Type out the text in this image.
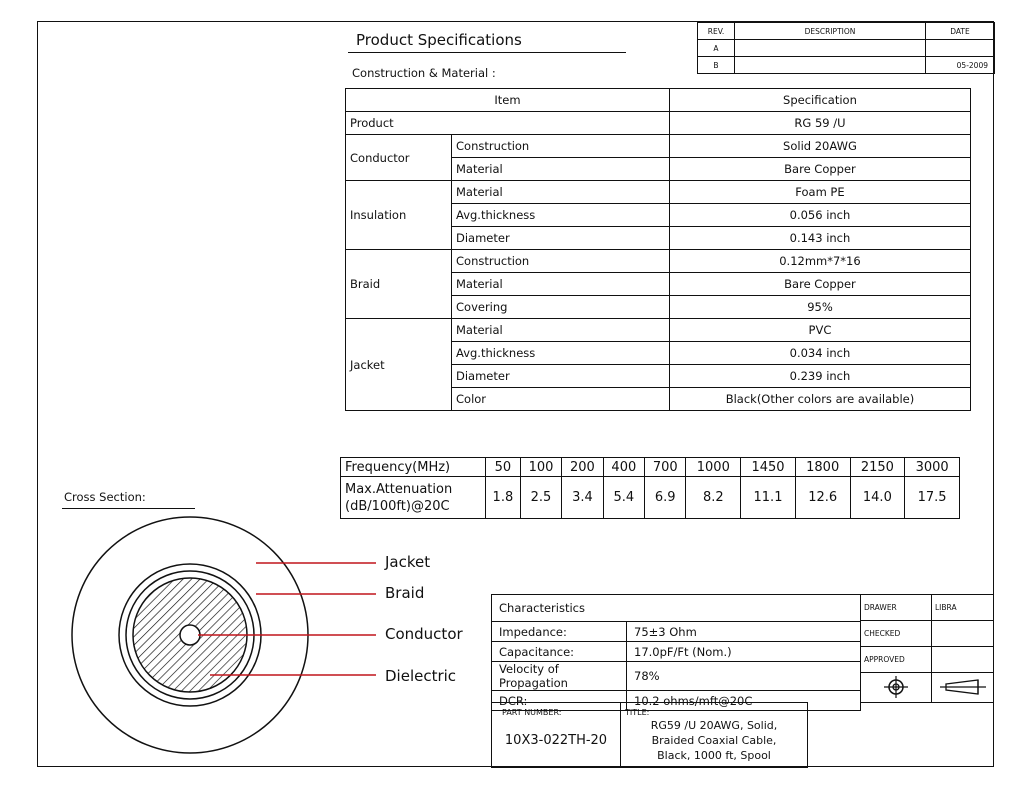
Product Specifications
Construction & Material :
REV.	DESCRIPTION	DATE
A		
B		05-2009
Item		Specification
Product		RG 59 /U
Conductor	Construction	Solid 20AWG
	Material	Bare Copper
Insulation	Material	Foam PE
	Avg.thickness	0.056 inch
	Diameter	0.143 inch
Braid	Construction	0.12mm*7*16
	Material	Bare Copper
	Covering	95%
Jacket	Material	PVC
	Avg.thickness	0.034 inch
	Diameter	0.239 inch
	Color	Black(Other colors are available)
Frequency(MHz)	50	100	200	400	700	1000	1450	1800	2150	3000

Max.Attenuation
(dB/100ft)@20C	1.8	2.5	3.4	5.4	6.9	8.2	11.1	12.6	14.0	17.5
Cross Section:
Jacket
Braid
Conductor
Dielectric
Characteristics	
Impedance:	75±3 Ohm
Capacitance:	17.0pF/Ft (Nom.)
Velocity of Propagation	78%
DCR:	10.2 ohms/mft@20C
DRAWER	LIBRA
CHECKED	
APPROVED	

PART NUMBER:
10X3-022TH-20

TITLE:
RG59 /U 20AWG, Solid,
Braided Coaxial Cable,
Black, 1000 ft, Spool
